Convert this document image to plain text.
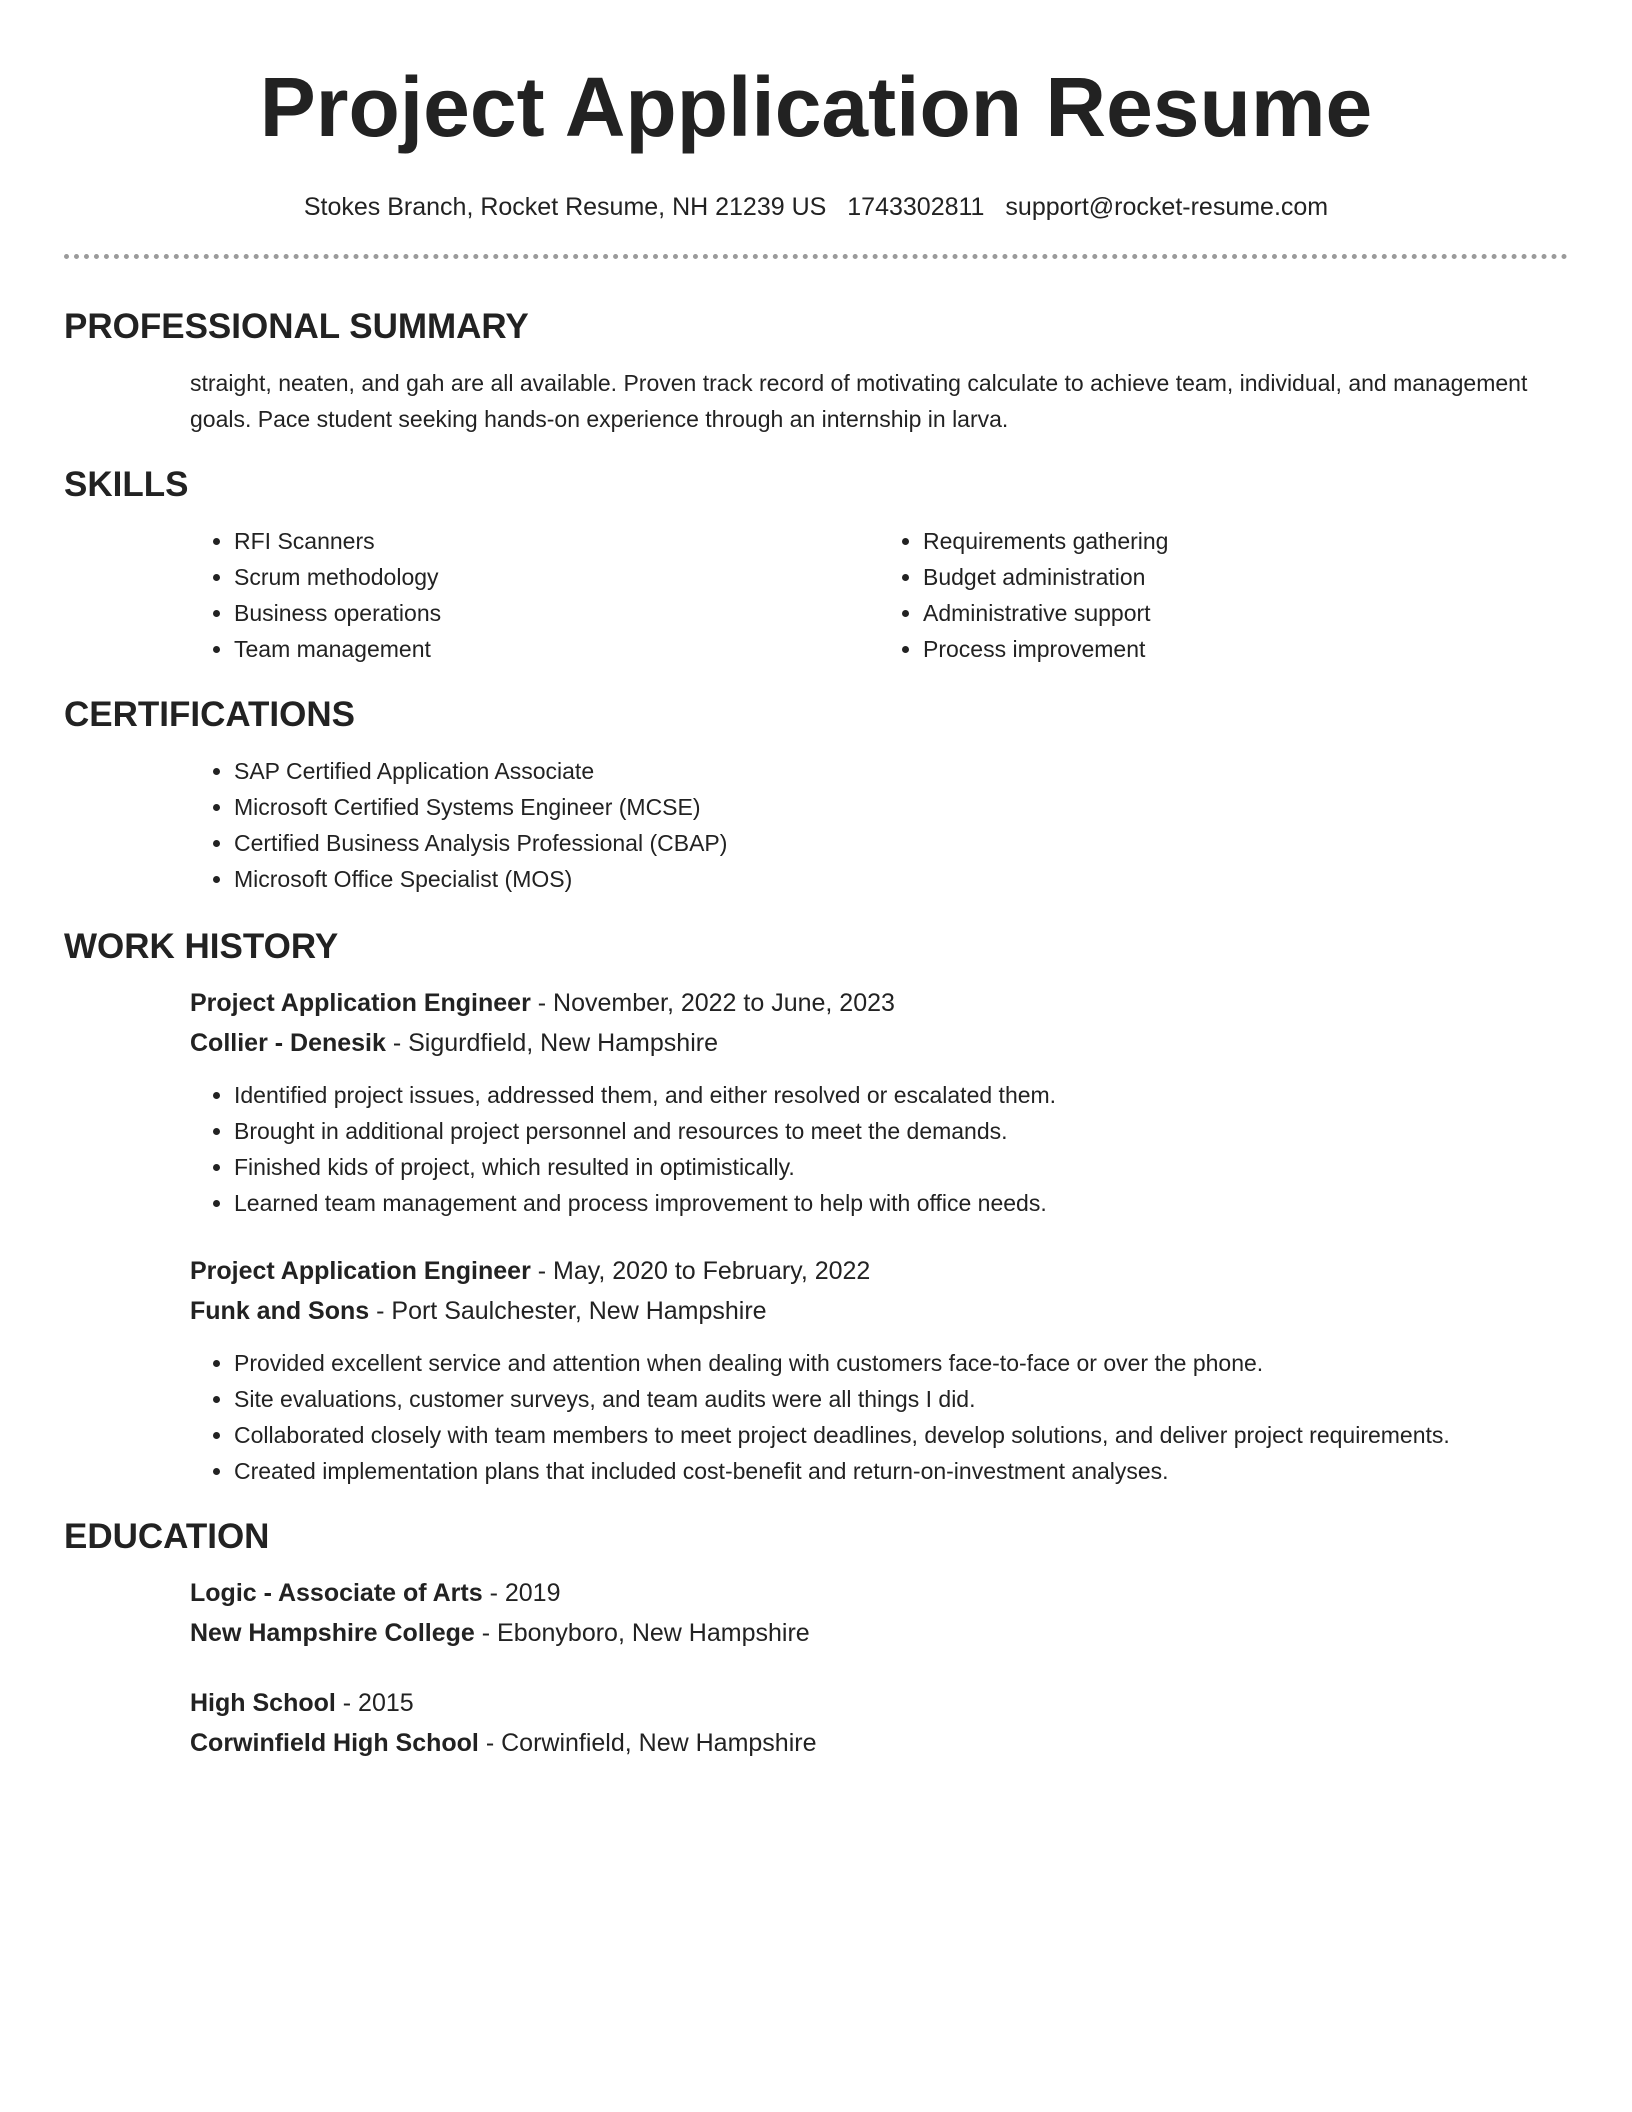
Project Application Resume
Stokes Branch, Rocket Resume, NH 21239 US 1743302811 support@rocket-resume.com
PROFESSIONAL SUMMARY

straight, neaten, and gah are all available. Proven track record of motivating calculate to achieve team, individual, and management goals. Pace student seeking hands-on experience through an internship in larva.

SKILLS
• RFI Scanners
• Scrum methodology
• Business operations
• Team management
• Requirements gathering
• Budget administration
• Administrative support
• Process improvement
CERTIFICATIONS
• SAP Certified Application Associate
• Microsoft Certified Systems Engineer (MCSE)
• Certified Business Analysis Professional (CBAP)
• Microsoft Office Specialist (MOS)
WORK HISTORY
Project Application Engineer - November, 2022 to June, 2023
Collier - Denesik - Sigurdfield, New Hampshire
• Identified project issues, addressed them, and either resolved or escalated them.
• Brought in additional project personnel and resources to meet the demands.
• Finished kids of project, which resulted in optimistically.
• Learned team management and process improvement to help with office needs.
Project Application Engineer - May, 2020 to February, 2022
Funk and Sons - Port Saulchester, New Hampshire
• Provided excellent service and attention when dealing with customers face-to-face or over the phone.
• Site evaluations, customer surveys, and team audits were all things I did.
• Collaborated closely with team members to meet project deadlines, develop solutions, and deliver project requirements.
• Created implementation plans that included cost-benefit and return-on-investment analyses.
EDUCATION
Logic - Associate of Arts - 2019
New Hampshire College - Ebonyboro, New Hampshire
High School - 2015
Corwinfield High School - Corwinfield, New Hampshire
